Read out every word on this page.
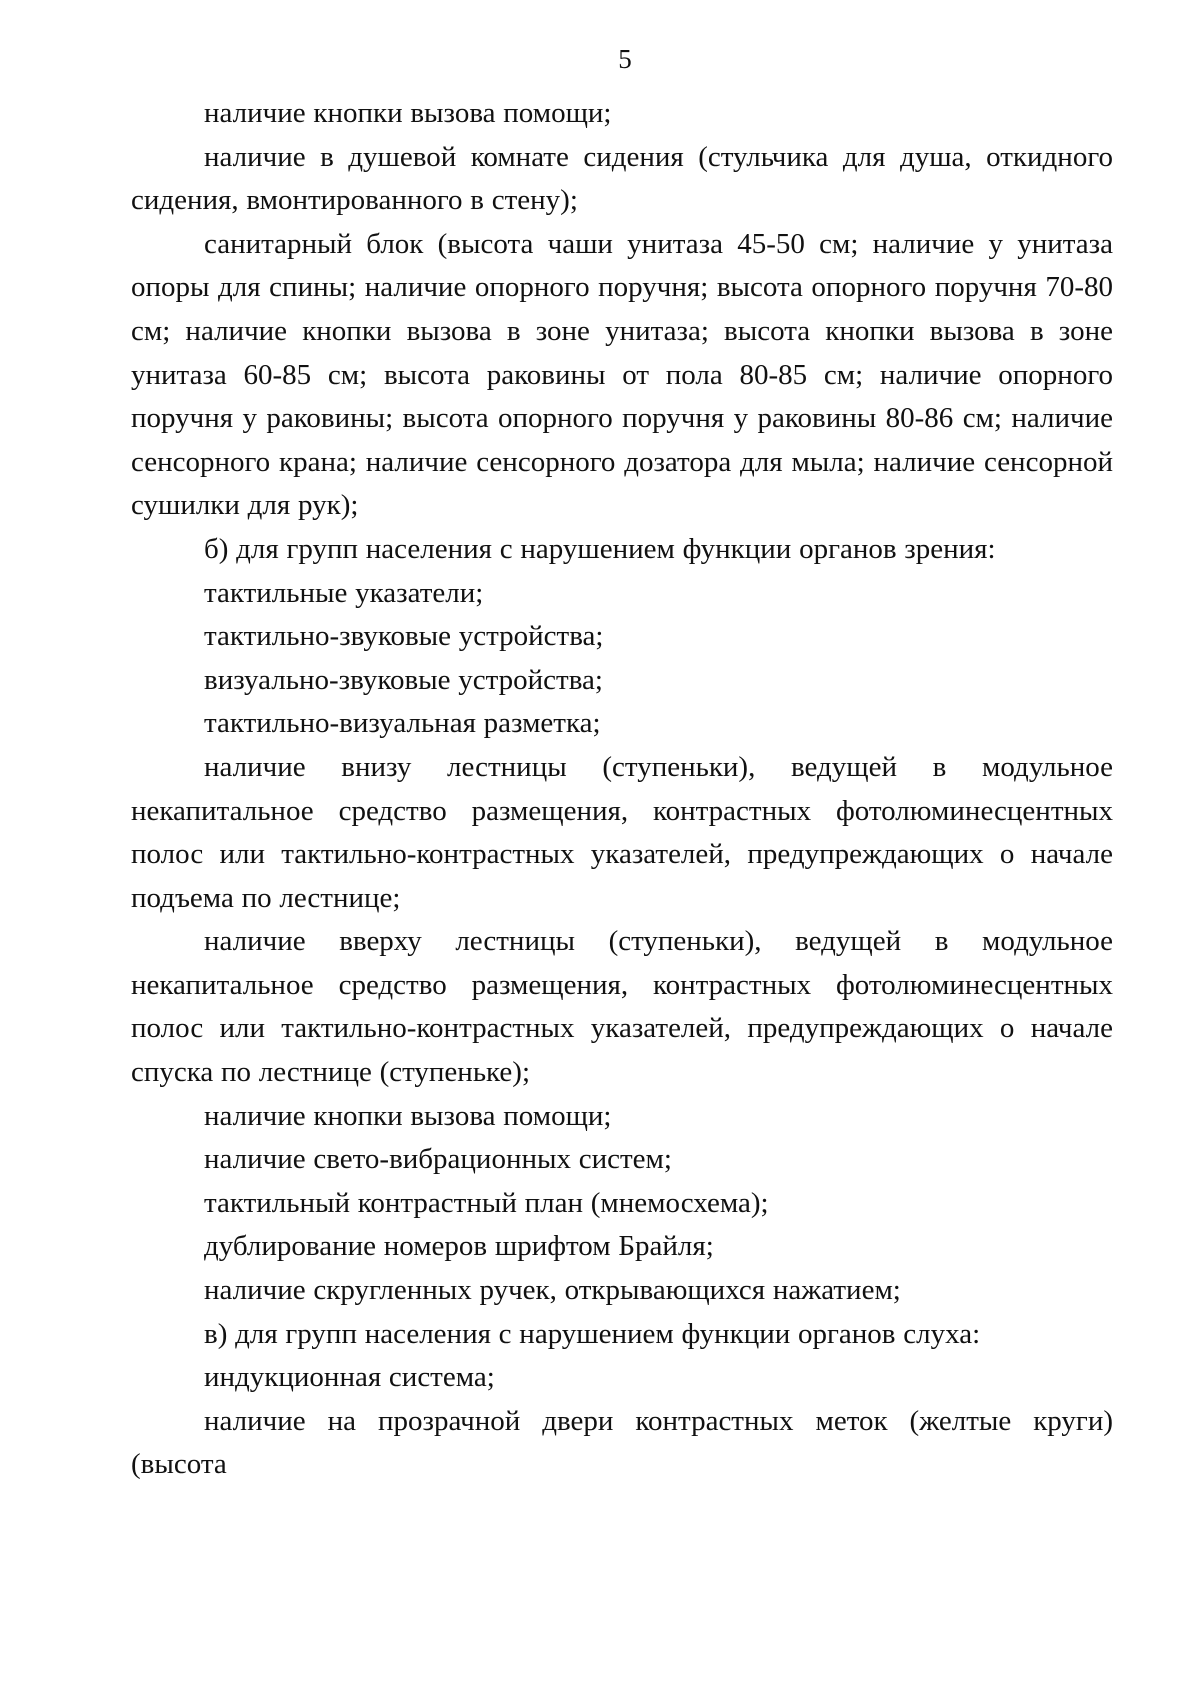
5

наличие кнопки вызова помощи;

наличие в душевой комнате сидения (стульчика для душа, откидного сидения, вмонтированного в стену);

санитарный блок (высота чаши унитаза 45-50 см; наличие у унитаза опоры для спины; наличие опорного поручня; высота опорного поручня 70-80 см; наличие кнопки вызова в зоне унитаза; высота кнопки вызова в зоне унитаза 60-85 см; высота раковины от пола 80-85 см; наличие опорного поручня у раковины; высота опорного поручня у раковины 80-86 см; наличие сенсорного крана; наличие сенсорного дозатора для мыла; наличие сенсорной сушилки для рук);

б) для групп населения с нарушением функции органов зрения:

тактильные указатели;

тактильно-звуковые устройства;

визуально-звуковые устройства;

тактильно-визуальная разметка;

наличие внизу лестницы (ступеньки), ведущей в модульное некапитальное средство размещения, контрастных фотолюминесцентных полос или тактильно-контрастных указателей, предупреждающих о начале подъема по лестнице;

наличие вверху лестницы (ступеньки), ведущей в модульное некапитальное средство размещения, контрастных фотолюминесцентных полос или тактильно-контрастных указателей, предупреждающих о начале спуска по лестнице (ступеньке);

наличие кнопки вызова помощи;

наличие свето-вибрационных систем;

тактильный контрастный план (мнемосхема);

дублирование номеров шрифтом Брайля;

наличие скругленных ручек, открывающихся нажатием;

в) для групп населения с нарушением функции органов слуха:

индукционная система;

наличие на прозрачной двери контрастных меток (желтые круги) (высота
